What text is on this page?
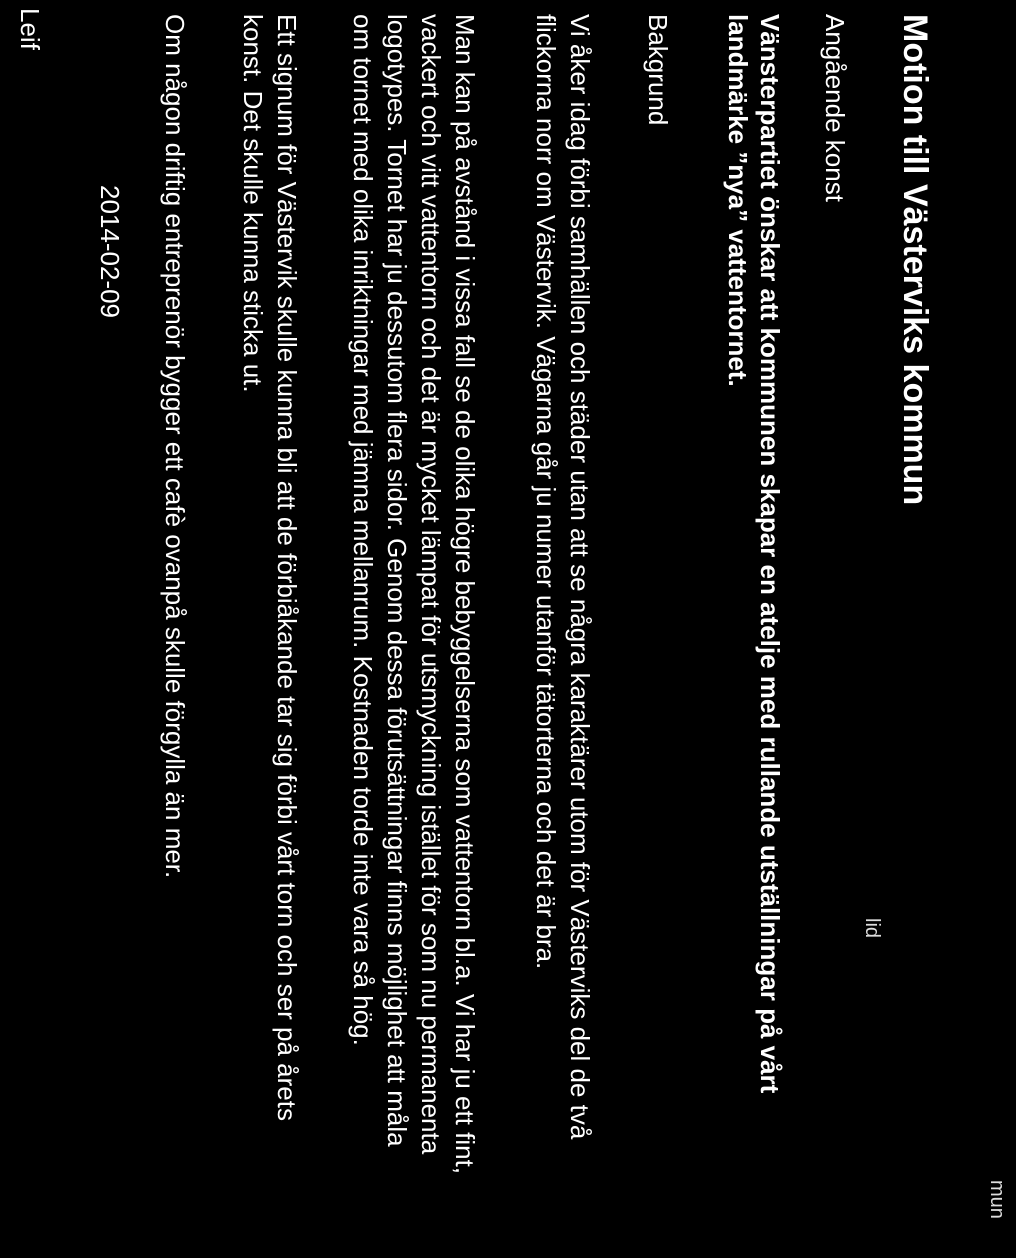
mun
lid
Motion till Västerviks kommun
Angående konst
Vänsterpartiet önskar att kommunen skapar en atelje med rullande utställningar på vårt
landmärke ”nya” vattentornet.
Bakgrund
Vi åker idag förbi samhällen och städer utan att se några karaktärer utom för Västerviks del de två
flickorna norr om Västervik. Vägarna går ju numer utanför tätorterna och det är bra.
Man kan på avstånd i vissa fall se de olika högre bebyggelserna som vattentorn bl.a. Vi har ju ett fint,
vackert och vitt vattentorn och det är mycket lämpat för utsmyckning istället för som nu permanenta
logotypes. Tornet har ju dessutom flera sidor. Genom dessa förutsättningar finns möjlighet att måla
om tornet med olika inriktningar med jämna mellanrum. Kostnaden torde inte vara så hög.
Ett signum för Västervik skulle kunna bli att de förbiåkande tar sig förbi vårt torn och ser på årets
konst. Det skulle kunna sticka ut.
Om någon driftig entreprenör bygger ett cafè ovanpå skulle förgylla än mer.
2014-02-09
Leif
